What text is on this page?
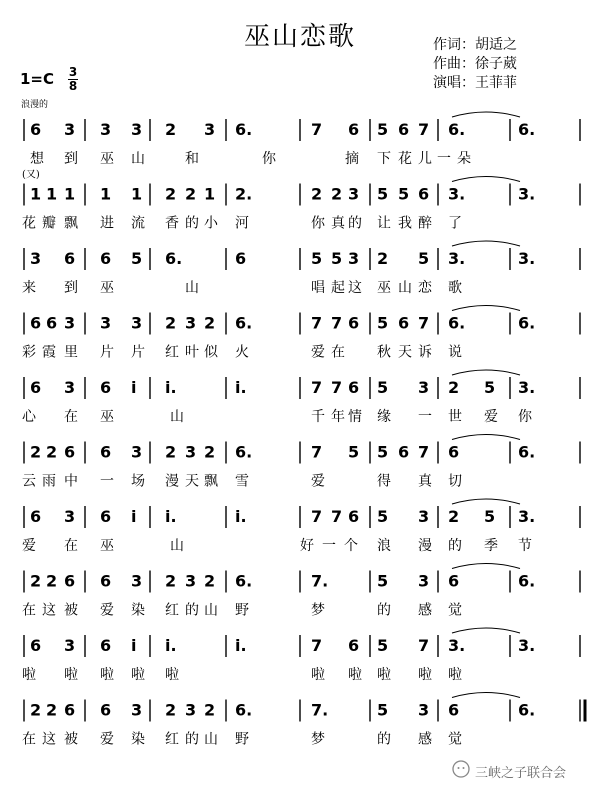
巫山恋歌	作词：胡适之
作曲：徐子葳
演唱：王菲菲
1=C 3
8
浪漫的
6 3 3 3 2 3 6.	7 6 5 6 7 6.	6.
想 到 巫 山	和	你	摘 下 花 儿 一 朵
1 1 1 1 1 2 2 1 2.	2 2 3 5 5 6 3.	3.
花 瓣 飘 进 流 香 的 小 河	你 真 的 让 我 醉 了
3 6 6 5 6.	6	5 5 3 2 5 3.	3.
来 到 巫	山	唱 起 这 巫 山 恋 歌
6 6 3 3 3 2 3 2 6.	7 7 6 5 6 7 6.	6.
彩 霞 里 片 片 红 叶 似 火	爱 在 秋 天 诉 说
6 3 6 i i.	i.	7 7 6 5 3 2 5 3.
心 在 巫	山	千 年 情 缘 一 世 爱 你
2 2 6 6 3 2 3 2 6.	7 5 5 6 7 6	6.
云 雨 中 一 场 漫 天 飘 雪	爱	得 真 切
6 3 6 i i.	i.	7 7 6 5 3 2 5 3.
爱 在 巫	山	好 一 个 浪 漫 的 季 节
2 2 6 6 3 2 3 2 6.	7.	5 3 6	6.
在 这 被 爱 染 红 的 山 野	梦	的 感 觉
6 3 6 i i.	i.	7 6 5 7 3.	3.
啦 啦 啦 啦 啦	啦 啦 啦 啦 啦
2 2 6 6 3 2 3 2 6.	7.	5 3 6	6.
在 这 被 爱 染 红 的 山 野	梦	的 感 觉
(又)
三峡之子联合会
